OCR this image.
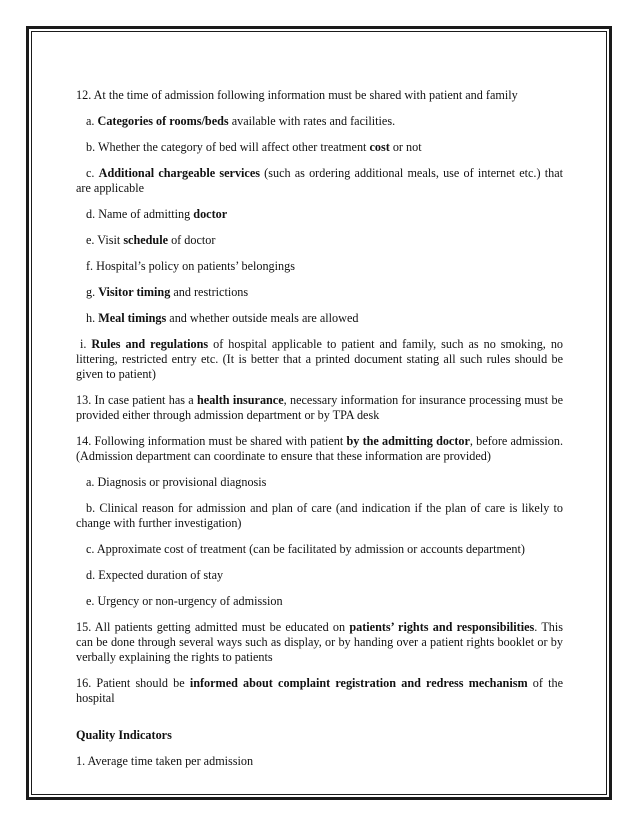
12. At the time of admission following information must be shared with patient and family

a. Categories of rooms/beds available with rates and facilities.

b. Whether the category of bed will affect other treatment cost or not

c. Additional chargeable services (such as ordering additional meals, use of internet etc.) that are applicable

d. Name of admitting doctor

e. Visit schedule of doctor

f. Hospital’s policy on patients’ belongings

g. Visitor timing and restrictions

h. Meal timings and whether outside meals are allowed

i. Rules and regulations of hospital applicable to patient and family, such as no smoking, no littering, restricted entry etc. (It is better that a printed document stating all such rules should be given to patient)

13. In case patient has a health insurance, necessary information for insurance processing must be provided either through admission department or by TPA desk

14. Following information must be shared with patient by the admitting doctor, before admission. (Admission department can coordinate to ensure that these information are provided)

a. Diagnosis or provisional diagnosis

b. Clinical reason for admission and plan of care (and indication if the plan of care is likely to change with further investigation)

c. Approximate cost of treatment (can be facilitated by admission or accounts department)

d. Expected duration of stay

e. Urgency or non-urgency of admission

15. All patients getting admitted must be educated on patients’ rights and responsibilities. This can be done through several ways such as display, or by handing over a patient rights booklet or by verbally explaining the rights to patients

16. Patient should be informed about complaint registration and redress mechanism of the hospital

Quality Indicators

1. Average time taken per admission
